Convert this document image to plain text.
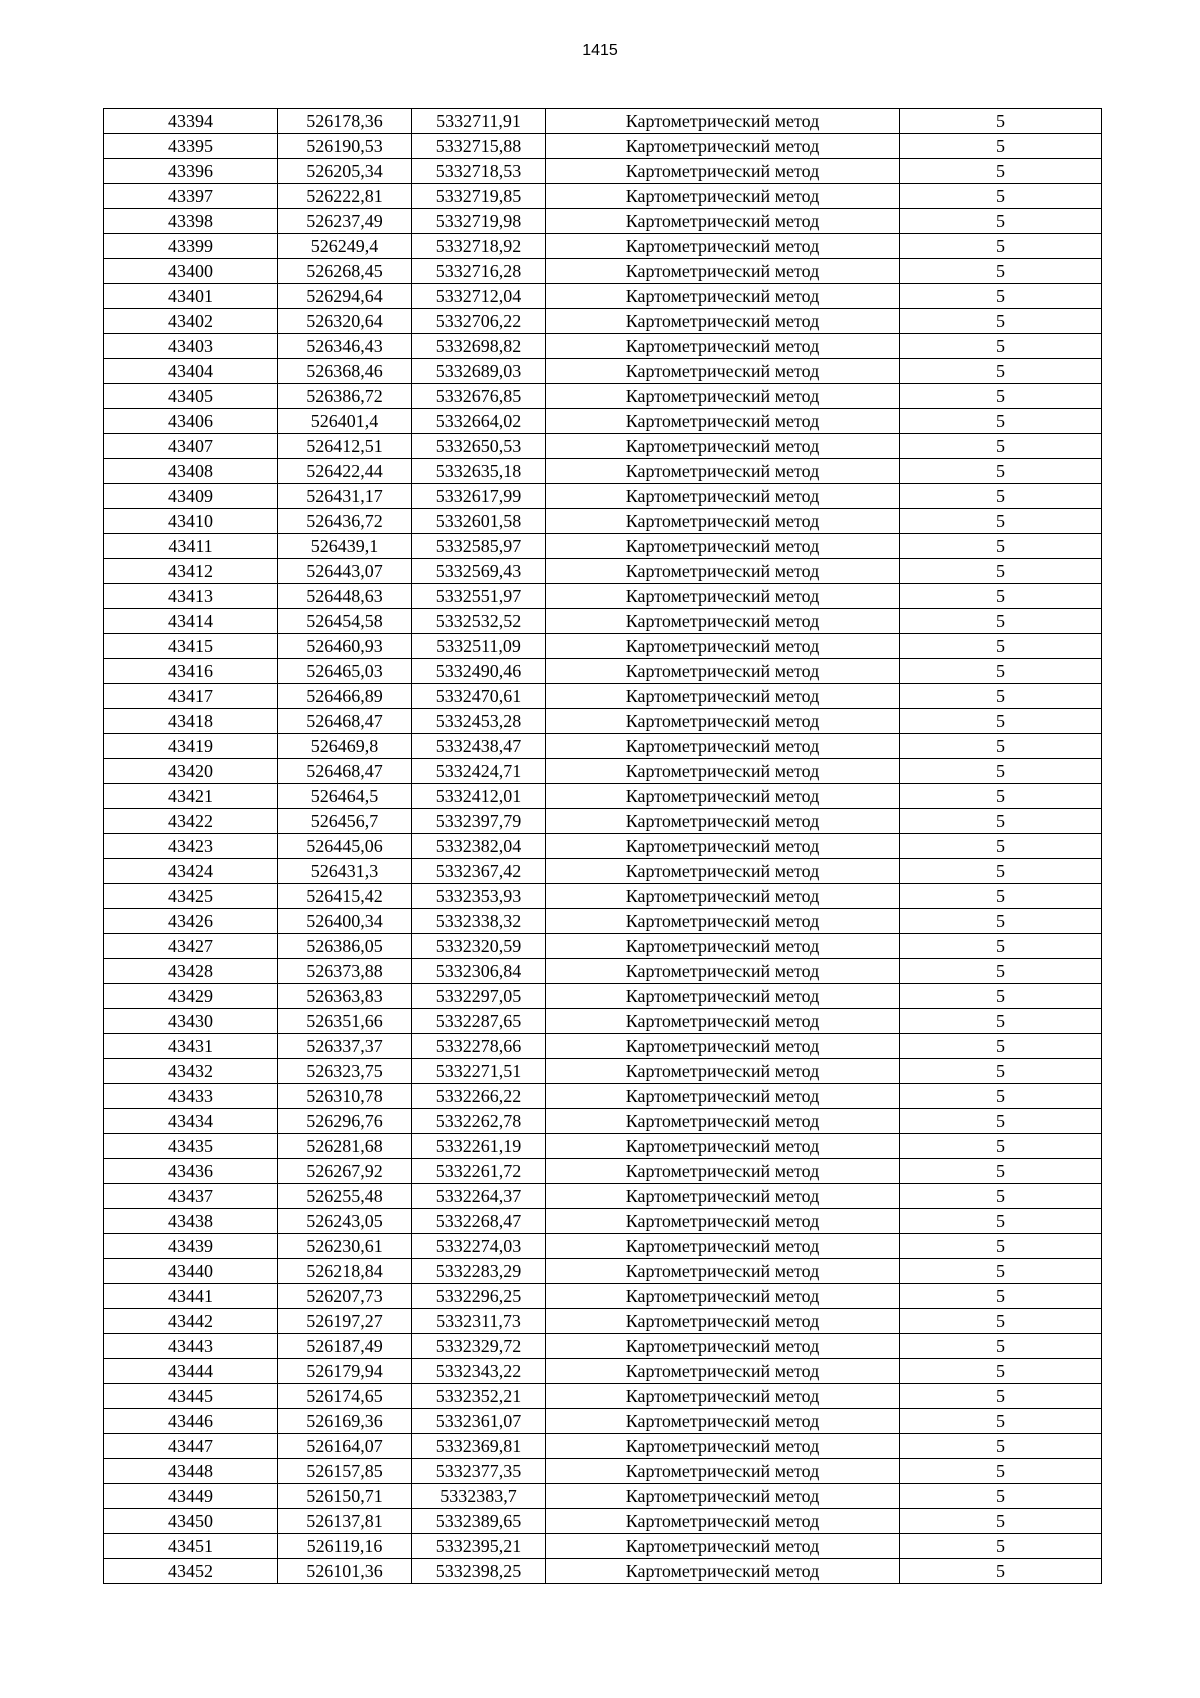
1415
43394	526178,36	5332711,91	Картометрический метод	5
43395	526190,53	5332715,88	Картометрический метод	5
43396	526205,34	5332718,53	Картометрический метод	5
43397	526222,81	5332719,85	Картометрический метод	5
43398	526237,49	5332719,98	Картометрический метод	5
43399	526249,4	5332718,92	Картометрический метод	5
43400	526268,45	5332716,28	Картометрический метод	5
43401	526294,64	5332712,04	Картометрический метод	5
43402	526320,64	5332706,22	Картометрический метод	5
43403	526346,43	5332698,82	Картометрический метод	5
43404	526368,46	5332689,03	Картометрический метод	5
43405	526386,72	5332676,85	Картометрический метод	5
43406	526401,4	5332664,02	Картометрический метод	5
43407	526412,51	5332650,53	Картометрический метод	5
43408	526422,44	5332635,18	Картометрический метод	5
43409	526431,17	5332617,99	Картометрический метод	5
43410	526436,72	5332601,58	Картометрический метод	5
43411	526439,1	5332585,97	Картометрический метод	5
43412	526443,07	5332569,43	Картометрический метод	5
43413	526448,63	5332551,97	Картометрический метод	5
43414	526454,58	5332532,52	Картометрический метод	5
43415	526460,93	5332511,09	Картометрический метод	5
43416	526465,03	5332490,46	Картометрический метод	5
43417	526466,89	5332470,61	Картометрический метод	5
43418	526468,47	5332453,28	Картометрический метод	5
43419	526469,8	5332438,47	Картометрический метод	5
43420	526468,47	5332424,71	Картометрический метод	5
43421	526464,5	5332412,01	Картометрический метод	5
43422	526456,7	5332397,79	Картометрический метод	5
43423	526445,06	5332382,04	Картометрический метод	5
43424	526431,3	5332367,42	Картометрический метод	5
43425	526415,42	5332353,93	Картометрический метод	5
43426	526400,34	5332338,32	Картометрический метод	5
43427	526386,05	5332320,59	Картометрический метод	5
43428	526373,88	5332306,84	Картометрический метод	5
43429	526363,83	5332297,05	Картометрический метод	5
43430	526351,66	5332287,65	Картометрический метод	5
43431	526337,37	5332278,66	Картометрический метод	5
43432	526323,75	5332271,51	Картометрический метод	5
43433	526310,78	5332266,22	Картометрический метод	5
43434	526296,76	5332262,78	Картометрический метод	5
43435	526281,68	5332261,19	Картометрический метод	5
43436	526267,92	5332261,72	Картометрический метод	5
43437	526255,48	5332264,37	Картометрический метод	5
43438	526243,05	5332268,47	Картометрический метод	5
43439	526230,61	5332274,03	Картометрический метод	5
43440	526218,84	5332283,29	Картометрический метод	5
43441	526207,73	5332296,25	Картометрический метод	5
43442	526197,27	5332311,73	Картометрический метод	5
43443	526187,49	5332329,72	Картометрический метод	5
43444	526179,94	5332343,22	Картометрический метод	5
43445	526174,65	5332352,21	Картометрический метод	5
43446	526169,36	5332361,07	Картометрический метод	5
43447	526164,07	5332369,81	Картометрический метод	5
43448	526157,85	5332377,35	Картометрический метод	5
43449	526150,71	5332383,7	Картометрический метод	5
43450	526137,81	5332389,65	Картометрический метод	5
43451	526119,16	5332395,21	Картометрический метод	5
43452	526101,36	5332398,25	Картометрический метод	5
